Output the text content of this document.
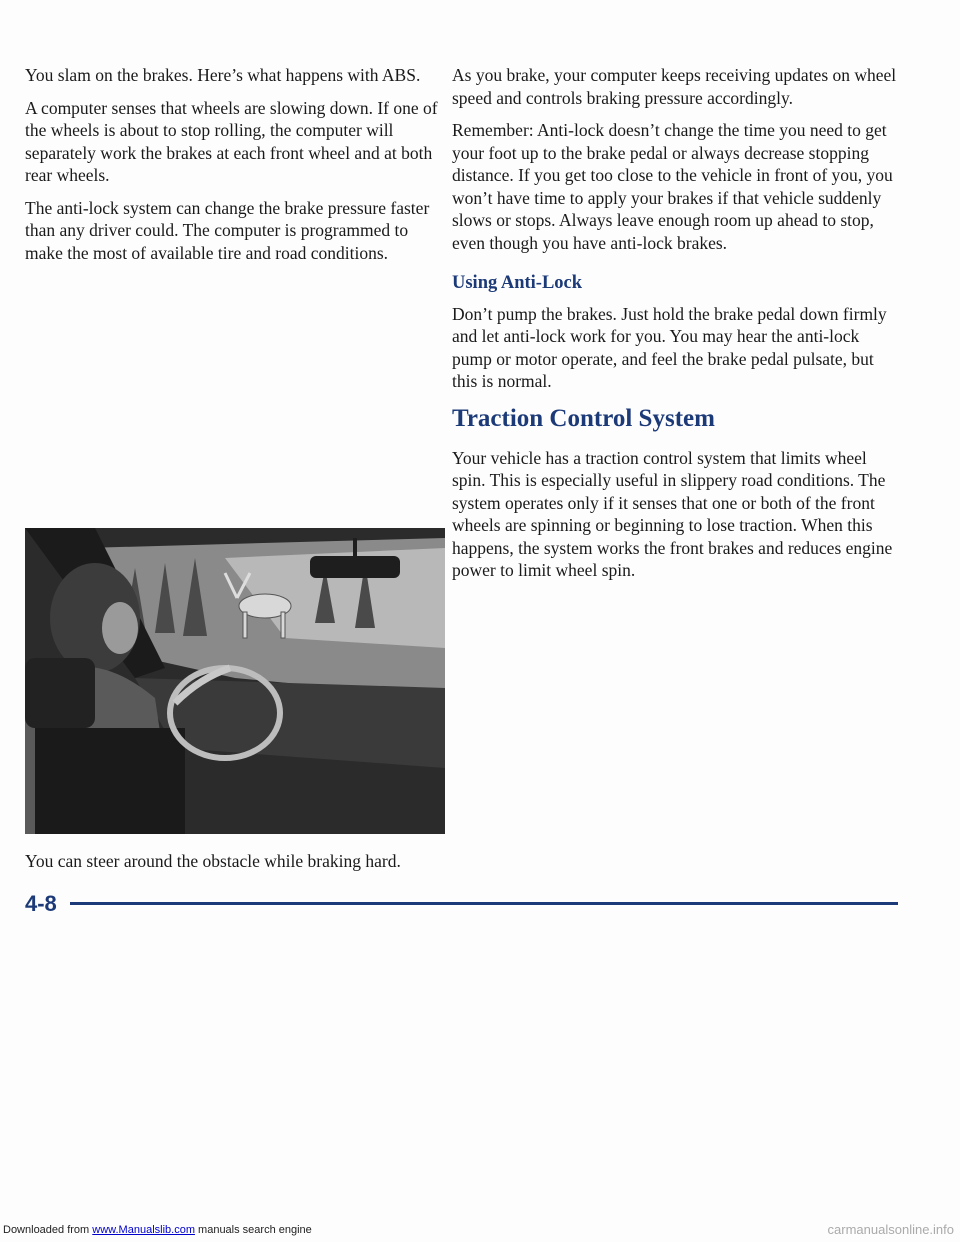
You slam on the brakes. Here’s what happens with ABS.

A computer senses that wheels are slowing down. If one of the wheels is about to stop rolling, the computer will separately work the brakes at each front wheel and at both rear wheels.

The anti-lock system can change the brake pressure faster than any driver could. The computer is programmed to make the most of available tire and road conditions.

You can steer around the obstacle while braking hard.

As you brake, your computer keeps receiving updates on wheel speed and controls braking pressure accordingly.

Remember: Anti-lock doesn’t change the time you need to get your foot up to the brake pedal or always decrease stopping distance. If you get too close to the vehicle in front of you, you won’t have time to apply your brakes if that vehicle suddenly slows or stops. Always leave enough room up ahead to stop, even though you have anti-lock brakes.

Using Anti-Lock

Don’t pump the brakes. Just hold the brake pedal down firmly and let anti-lock work for you. You may hear the anti-lock pump or motor operate, and feel the brake pedal pulsate, but this is normal.

Traction Control System

Your vehicle has a traction control system that limits wheel spin. This is especially useful in slippery road conditions. The system operates only if it senses that one or both of the front wheels are spinning or beginning to lose traction. When this happens, the system works the front brakes and reduces engine power to limit wheel spin.

4-8
Downloaded from www.Manualslib.com manuals search engine	carmanualsonline.info
